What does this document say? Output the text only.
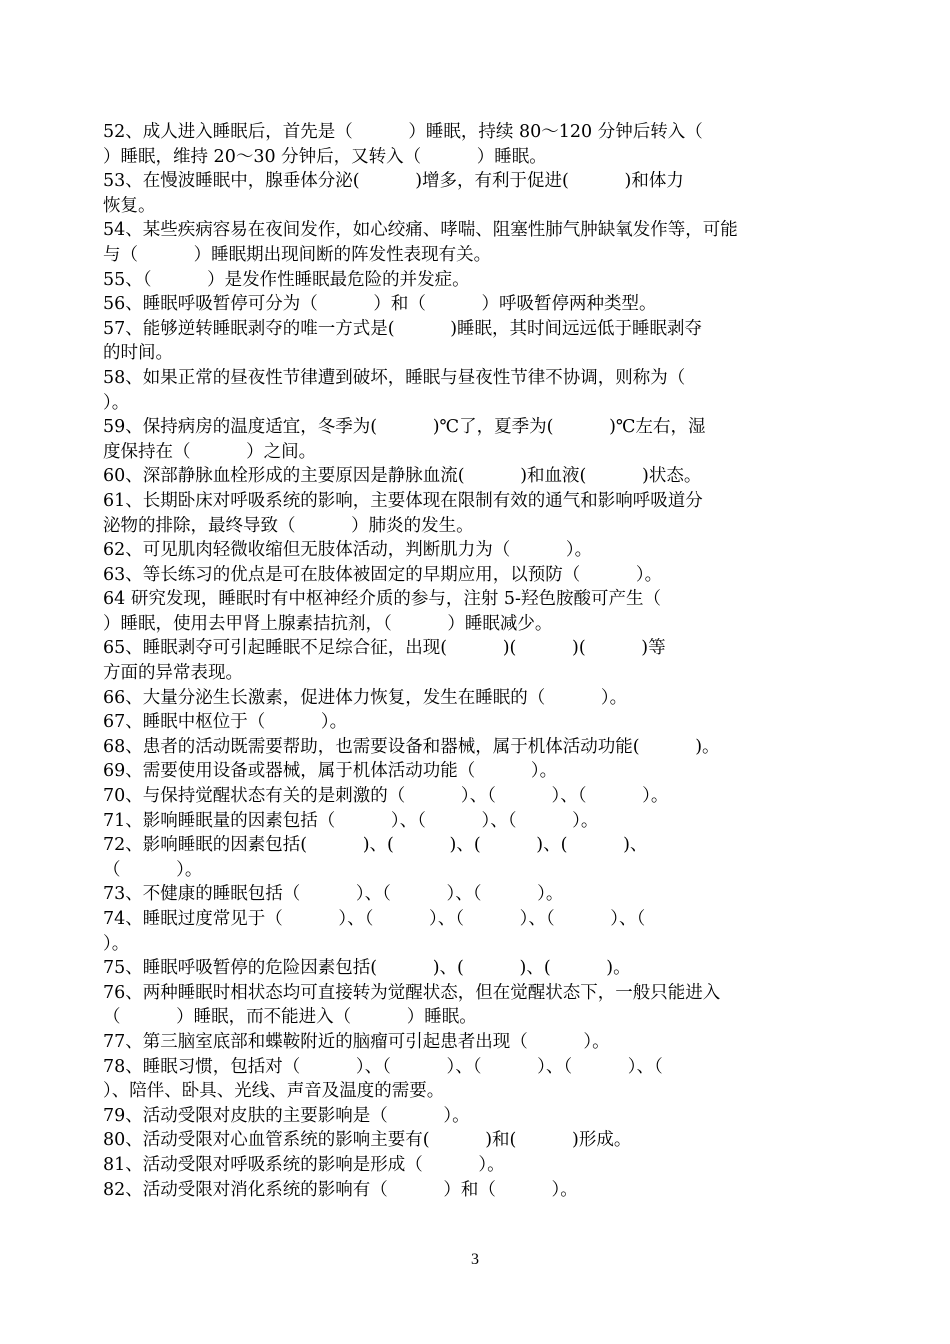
52、成人进入睡眠后，首先是（          ）睡眠，持续 80～120 分钟后转入（
）睡眠，维持 20～30 分钟后，又转入（          ）睡眠。
53、在慢波睡眠中，腺垂体分泌(          )增多，有利于促进(          )和体力
恢复。
54、某些疾病容易在夜间发作，如心绞痛、哮喘、阻塞性肺气肿缺氧发作等，可能
与（          ）睡眠期出现间断的阵发性表现有关。
55、（          ）是发作性睡眠最危险的并发症。
56、睡眠呼吸暂停可分为（          ）和（          ）呼吸暂停两种类型。
57、能够逆转睡眠剥夺的唯一方式是(          )睡眠，其时间远远低于睡眠剥夺
的时间。
58、如果正常的昼夜性节律遭到破坏，睡眠与昼夜性节律不协调，则称为（
）。
59、保持病房的温度适宜，冬季为(          )℃了，夏季为(          )℃左右，湿
度保持在（          ）之间。
60、深部静脉血栓形成的主要原因是静脉血流(          )和血液(          )状态。
61、长期卧床对呼吸系统的影响，主要体现在限制有效的通气和影响呼吸道分
泌物的排除，最终导致（          ）肺炎的发生。
62、可见肌肉轻微收缩但无肢体活动，判断肌力为（          ）。
63、等长练习的优点是可在肢体被固定的早期应用，以预防（          ）。
64 研究发现，睡眠时有中枢神经介质的参与，注射 5-羟色胺酸可产生（
）睡眠，使用去甲肾上腺素拮抗剂，（          ）睡眠减少。
65、睡眠剥夺可引起睡眠不足综合征，出现(          )(          )(          )等
方面的异常表现。
66、大量分泌生长激素，促进体力恢复，发生在睡眠的（          ）。
67、睡眠中枢位于（          ）。
68、患者的活动既需要帮助，也需要设备和器械，属于机体活动功能(          )。
69、需要使用设备或器械，属于机体活动功能（          ）。
70、与保持觉醒状态有关的是刺激的（          ）、（          ）、（          ）。
71、影响睡眠量的因素包括（          ）、（          ）、（          ）。
72、影响睡眠的因素包括(          )、(          )、(          )、(          )、
（          ）。
73、不健康的睡眠包括（          ）、（          ）、（          ）。
74、睡眠过度常见于（          ）、（          ）、（          ）、（          ）、（
）。
75、睡眠呼吸暂停的危险因素包括(          )、(          )、(          )。
76、两种睡眠时相状态均可直接转为觉醒状态，但在觉醒状态下，一般只能进入
（          ）睡眠，而不能进入（          ）睡眠。
77、第三脑室底部和蝶鞍附近的脑瘤可引起患者出现（          ）。
78、睡眠习惯，包括对（          ）、（          ）、（          ）、（          ）、（
）、陪伴、卧具、光线、声音及温度的需要。
79、活动受限对皮肤的主要影响是（          ）。
80、活动受限对心血管系统的影响主要有(          )和(          )形成。
81、活动受限对呼吸系统的影响是形成（          ）。
82、活动受限对消化系统的影响有（          ）和（          ）。
3
